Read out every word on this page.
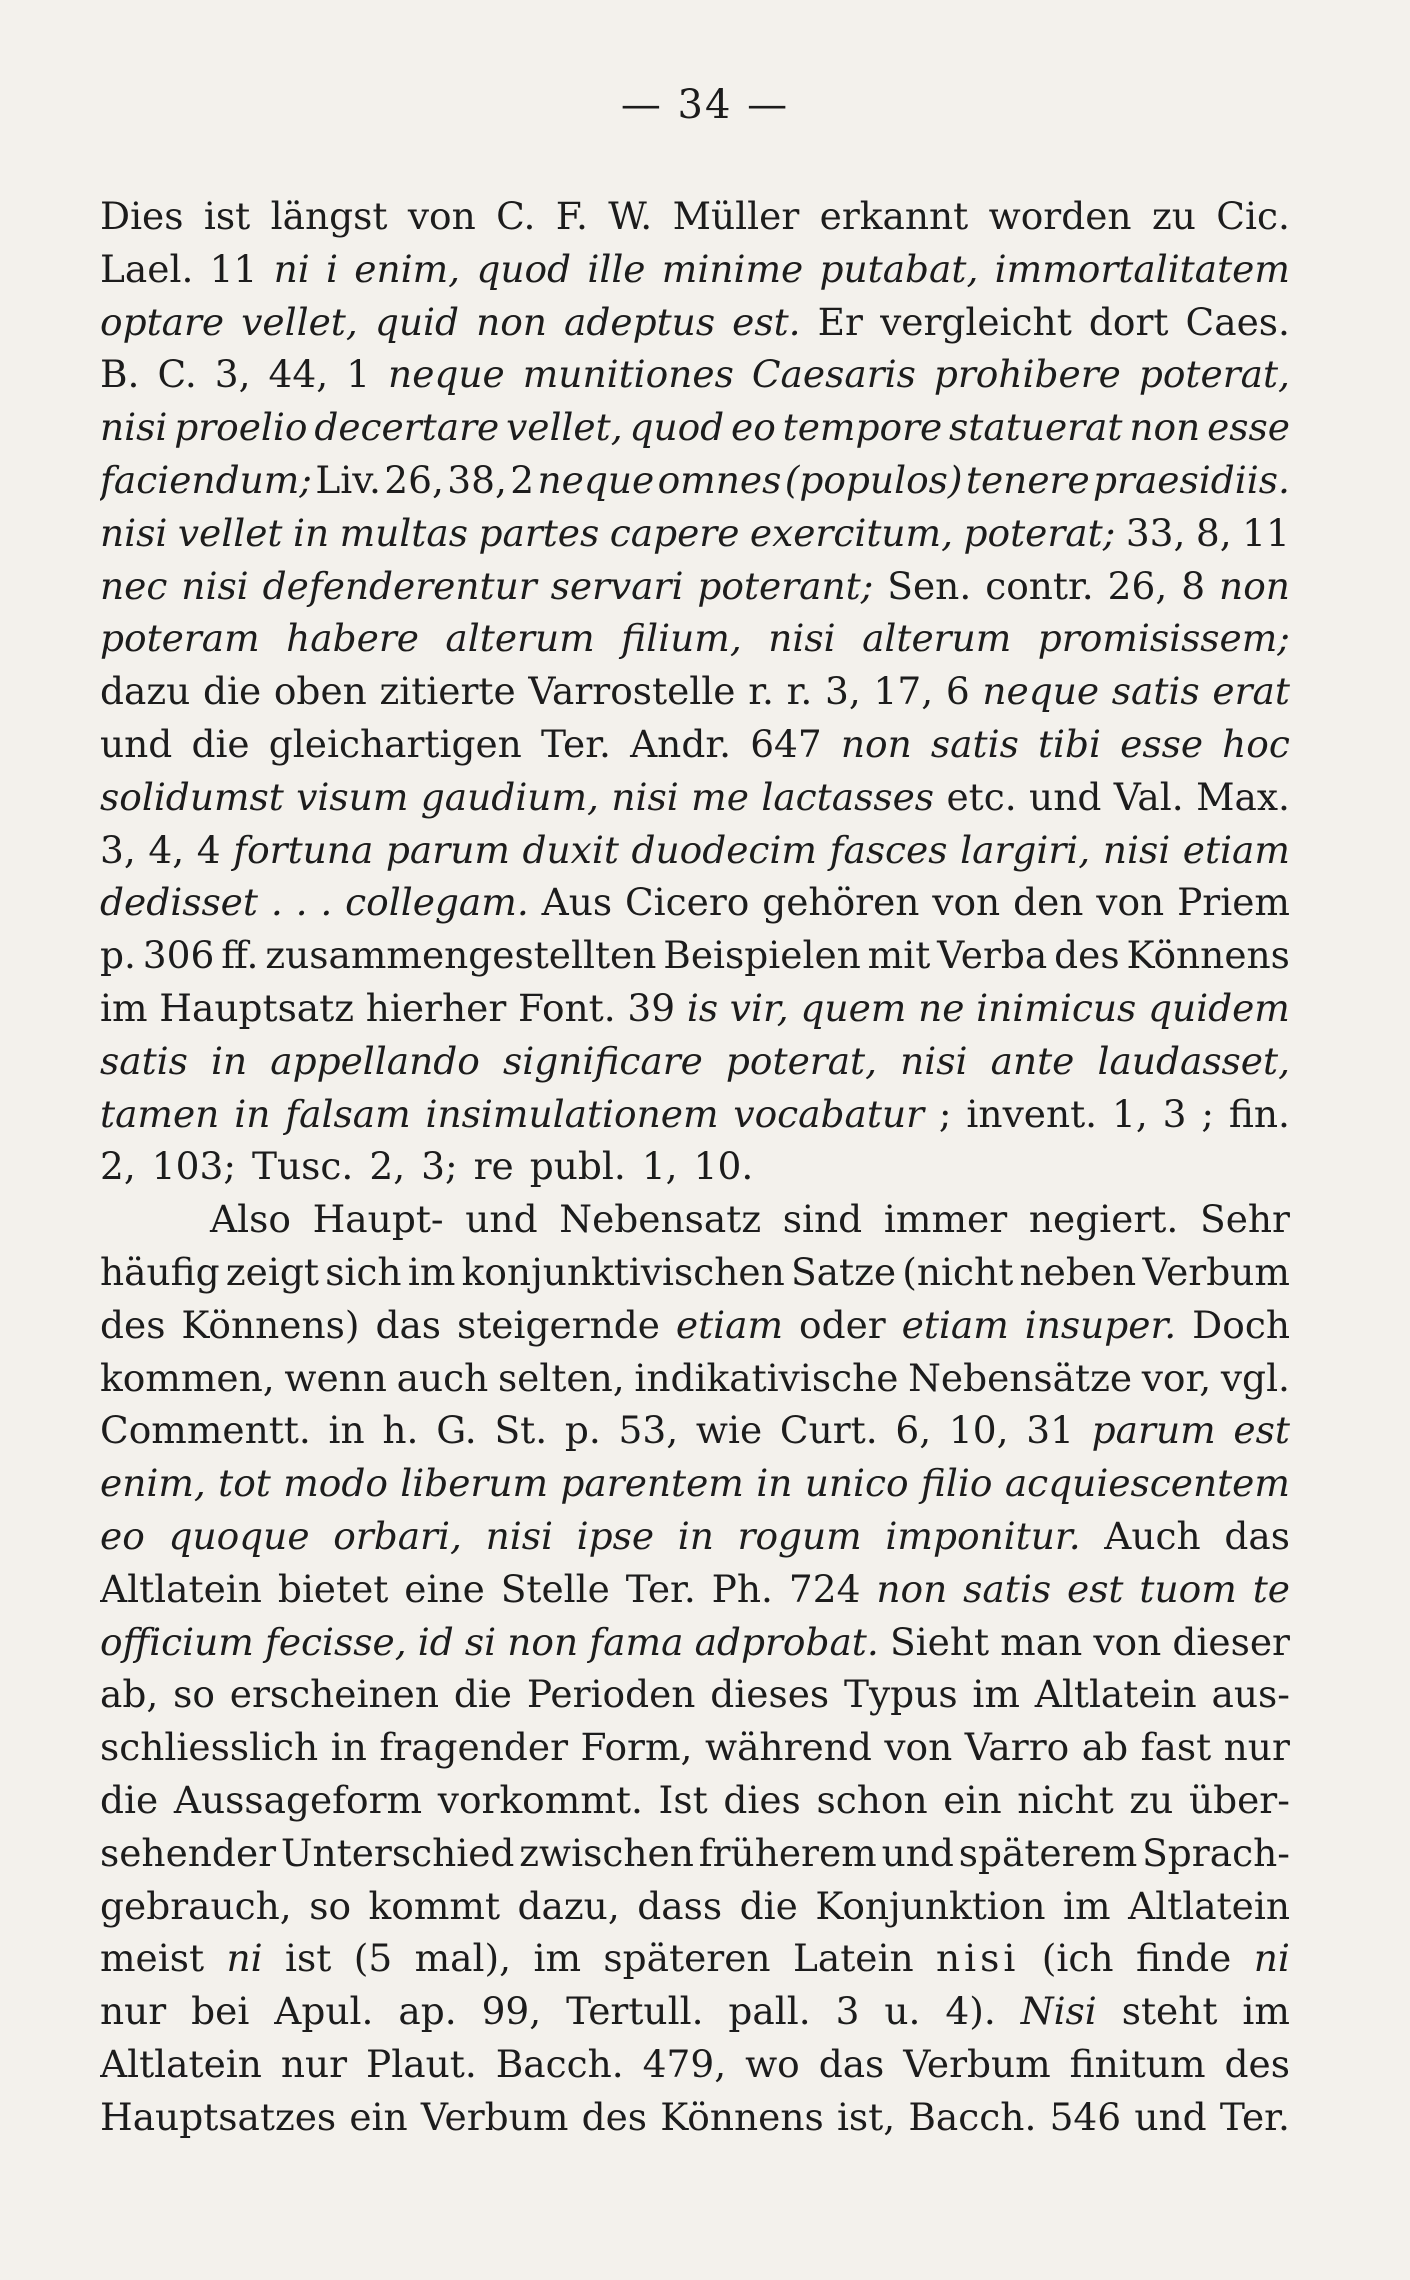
— 34 —
Dies ist längst von C. F. W. Müller erkannt worden zu Cic.
Lael. 11 ni i enim, quod ille minime putabat, immortalitatem
optare vellet, quid non adeptus est. Er vergleicht dort Caes.
B. C. 3, 44, 1 neque munitiones Caesaris prohibere poterat,
nisi proelio decertare vellet, quod eo tempore statuerat non esse
faciendum; Liv. 26, 38, 2 neque omnes (populos) tenere praesidiis.
nisi vellet in multas partes capere exercitum, poterat; 33, 8, 11
nec nisi defenderentur servari poterant; Sen. contr. 26, 8 non
poteram habere alterum filium, nisi alterum promisissem;
dazu die oben zitierte Varrostelle r. r. 3, 17, 6 neque satis erat
und die gleichartigen Ter. Andr. 647 non satis tibi esse hoc
solidumst visum gaudium, nisi me lactasses etc. und Val. Max.
3, 4, 4 fortuna parum duxit duodecim fasces largiri, nisi etiam
dedisset . . . collegam. Aus Cicero gehören von den von Priem
p. 306 ff. zusammengestellten Beispielen mit Verba des Könnens
im Hauptsatz hierher Font. 39 is vir, quem ne inimicus quidem
satis in appellando significare poterat, nisi ante laudasset,
tamen in falsam insimulationem vocabatur ; invent. 1, 3 ; fin.
2, 103; Tusc. 2, 3; re publ. 1, 10.
Also Haupt- und Nebensatz sind immer negiert. Sehr
häufig zeigt sich im konjunktivischen Satze (nicht neben Verbum
des Könnens) das steigernde etiam oder etiam insuper. Doch
kommen, wenn auch selten, indikativische Nebensätze vor, vgl.
Commentt. in h. G. St. p. 53, wie Curt. 6, 10, 31 parum est
enim, tot modo liberum parentem in unico filio acquiescentem
eo quoque orbari, nisi ipse in rogum imponitur. Auch das
Altlatein bietet eine Stelle Ter. Ph. 724 non satis est tuom te
officium fecisse, id si non fama adprobat. Sieht man von dieser
ab, so erscheinen die Perioden dieses Typus im Altlatein aus-
schliesslich in fragender Form, während von Varro ab fast nur
die Aussageform vorkommt. Ist dies schon ein nicht zu über-
sehender Unterschied zwischen früherem und späterem Sprach-
gebrauch, so kommt dazu, dass die Konjunktion im Altlatein
meist ni ist (5 mal), im späteren Latein nisi (ich finde ni
nur bei Apul. ap. 99, Tertull. pall. 3 u. 4). Nisi steht im
Altlatein nur Plaut. Bacch. 479, wo das Verbum finitum des
Hauptsatzes ein Verbum des Könnens ist, Bacch. 546 und Ter.
